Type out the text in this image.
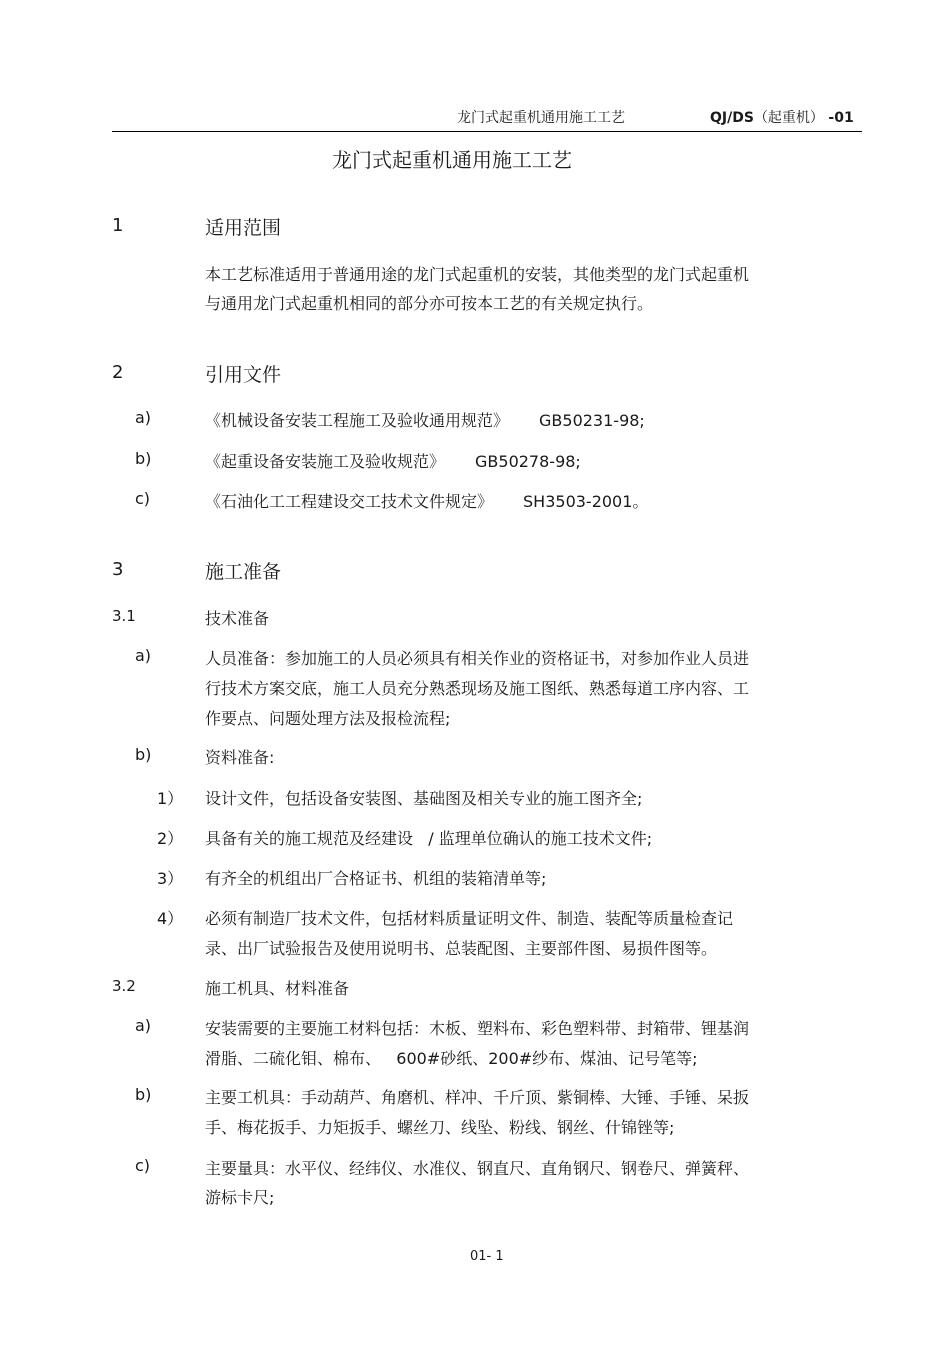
龙门式起重机通用施工工艺	QJ/DS（起重机） -01
龙门式起重机通用施工工艺
1	适用范围
本工艺标准适用于普通用途的龙门式起重机的安装，其他类型的龙门式起重机
与通用龙门式起重机相同的部分亦可按本工艺的有关规定执行。
2	引用文件
a)	《机械设备安装工程施工及验收通用规范》 GB50231-98;
b)	《起重设备安装施工及验收规范》 GB50278-98;
c)	《石油化工工程建设交工技术文件规定》 SH3503-2001。
3	施工准备
3.1	技术准备
a)	人员准备：参加施工的人员必须具有相关作业的资格证书，对参加作业人员进
行技术方案交底，施工人员充分熟悉现场及施工图纸、熟悉每道工序内容、工
作要点、问题处理方法及报检流程;
b)	资料准备:
1） 设计文件，包括设备安装图、基础图及相关专业的施工图齐全;
2） 具备有关的施工规范及经建设   / 监理单位确认的施工技术文件;
3） 有齐全的机组出厂合格证书、机组的装箱清单等;
4） 必须有制造厂技术文件，包括材料质量证明文件、制造、装配等质量检查记
录、出厂试验报告及使用说明书、总装配图、主要部件图、易损件图等。
3.2	施工机具、材料准备
a)	安装需要的主要施工材料包括：木板、塑料布、彩色塑料带、封箱带、锂基润
滑脂、二硫化钼、棉布、   600#砂纸、200#纱布、煤油、记号笔等;
b)	主要工机具：手动葫芦、角磨机、样冲、千斤顶、紫铜棒、大锤、手锤、呆扳
手、梅花扳手、力矩扳手、螺丝刀、线坠、粉线、钢丝、什锦锉等;
c)	主要量具：水平仪、经纬仪、水准仪、钢直尺、直角钢尺、钢卷尺、弹簧秤、
游标卡尺;
01- 1
